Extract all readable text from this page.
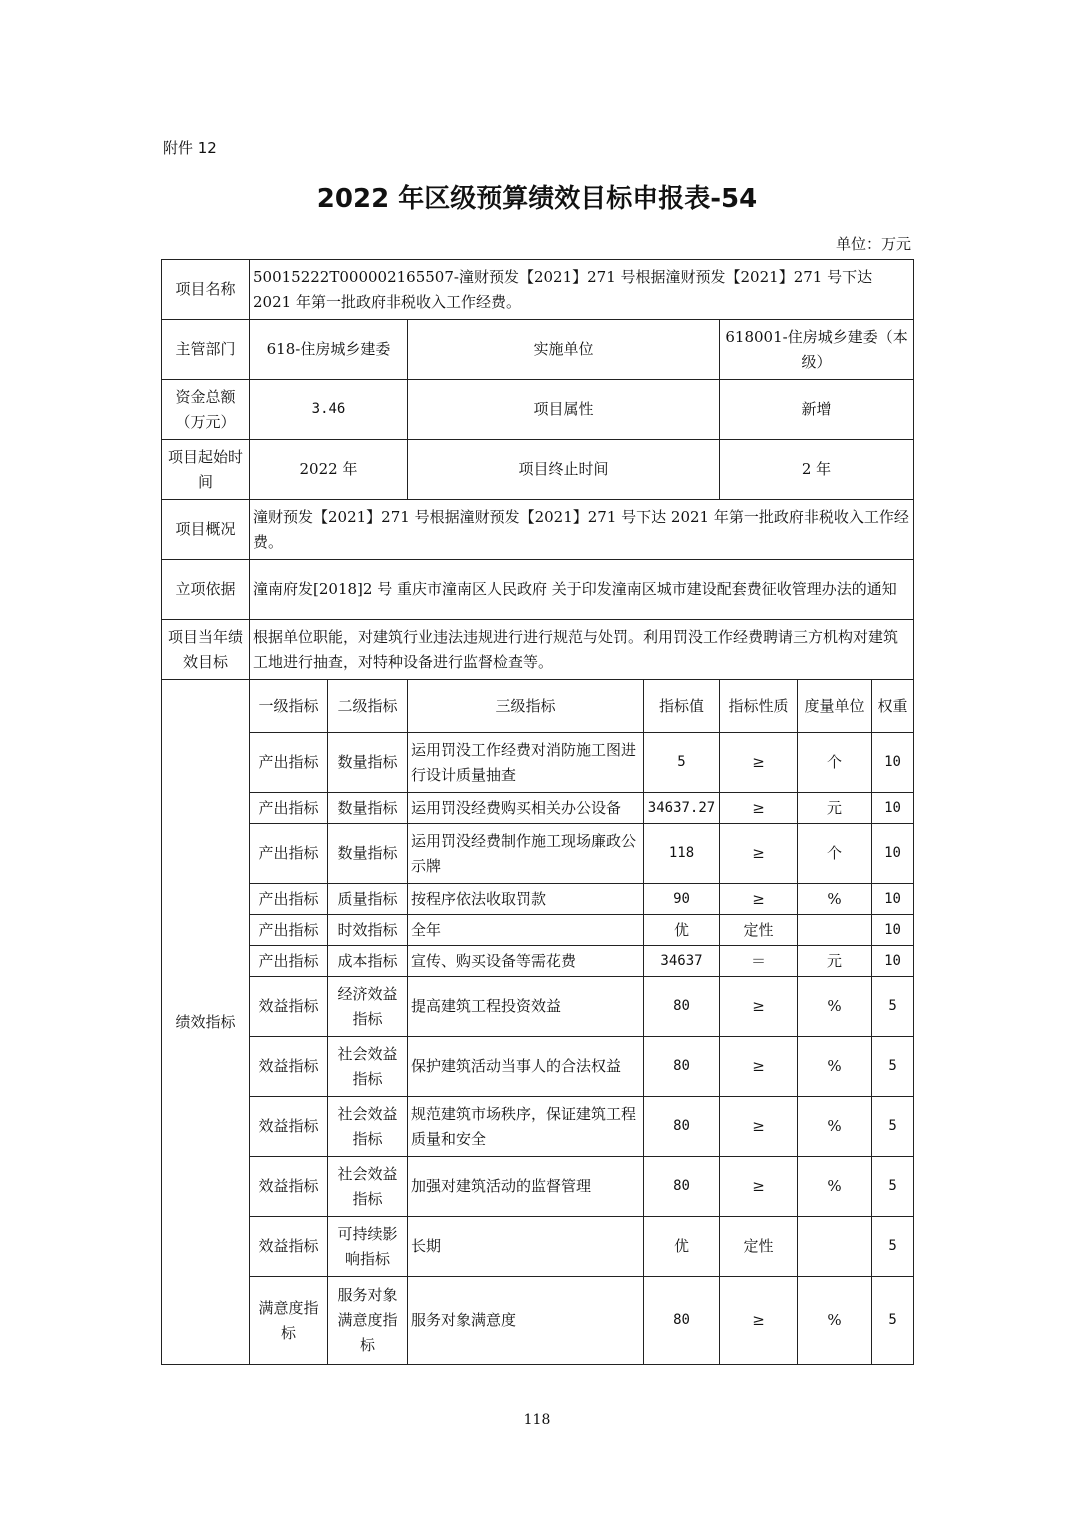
附件 12
2022 年区级预算绩效目标申报表-54
单位：万元
项目名称	50015222T000002165507-潼财预发【2021】271 号根据潼财预发【2021】271 号下达 2021 年第一批政府非税收入工作经费。						
主管部门	618-住房城乡建委		实施单位		618001-住房城乡建委（本级）		
资金总额（万元）	3.46		项目属性		新增		
项目起始时间	2022 年		项目终止时间		2 年		
项目概况	潼财预发【2021】271 号根据潼财预发【2021】271 号下达 2021 年第一批政府非税收入工作经费。						
立项依据	潼南府发[2018]2 号 重庆市潼南区人民政府 关于印发潼南区城市建设配套费征收管理办法的通知						
项目当年绩效目标	根据单位职能，对建筑行业违法违规进行进行规范与处罚。利用罚没工作经费聘请三方机构对建筑工地进行抽查，对特种设备进行监督检查等。						
绩效指标	一级指标	二级指标	三级指标	指标值	指标性质	度量单位	权重
	产出指标	数量指标	运用罚没工作经费对消防施工图进行设计质量抽查	5	≥	个	10
	产出指标	数量指标	运用罚没经费购买相关办公设备	34637.27	≥	元	10
	产出指标	数量指标	运用罚没经费制作施工现场廉政公示牌	118	≥	个	10
	产出指标	质量指标	按程序依法收取罚款	90	≥	%	10
	产出指标	时效指标	全年	优	定性		10
	产出指标	成本指标	宣传、购买设备等需花费	34637	＝	元	10
	效益指标	经济效益指标	提高建筑工程投资效益	80	≥	%	5
	效益指标	社会效益指标	保护建筑活动当事人的合法权益	80	≥	%	5
	效益指标	社会效益指标	规范建筑市场秩序，保证建筑工程质量和安全	80	≥	%	5
	效益指标	社会效益指标	加强对建筑活动的监督管理	80	≥	%	5
	效益指标	可持续影响指标	长期	优	定性		5
	满意度指标	服务对象满意度指标	服务对象满意度	80	≥	%	5
118
